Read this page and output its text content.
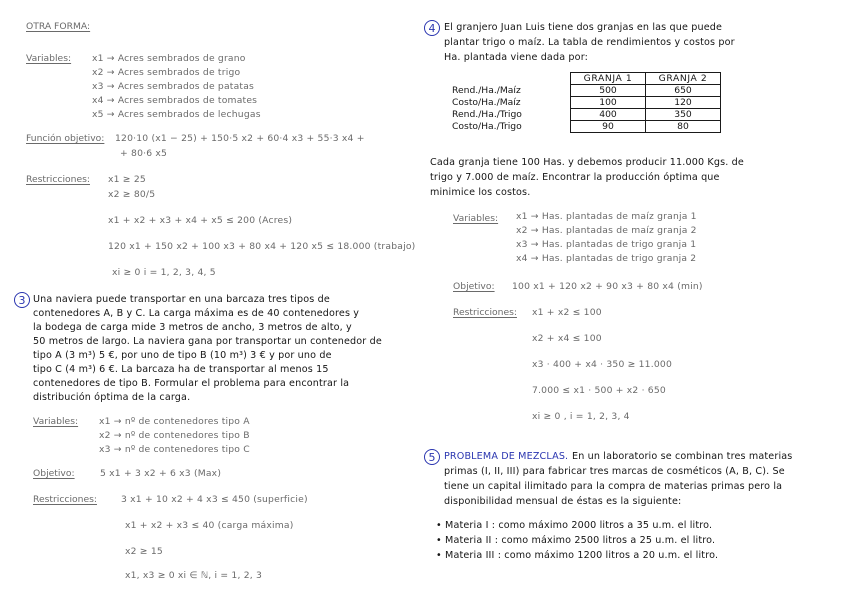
OTRA FORMA:
Variables: x1 → Acres sembrados de grano
x2 → Acres sembrados de trigo
x3 → Acres sembrados de patatas
x4 → Acres sembrados de tomates
x5 → Acres sembrados de lechugas
Función objetivo: 120·10 (x1 − 25) + 150·5 x2 + 60·4 x3 + 55·3 x4 +
+ 80·6 x5
Restricciones: x1 ≥ 25
x2 ≥ 80/5
x1 + x2 + x3 + x4 + x5 ≤ 200 (Acres)
120 x1 + 150 x2 + 100 x3 + 80 x4 + 120 x5 ≤ 18.000 (trabajo)
xi ≥ 0 i = 1, 2, 3, 4, 5
3 Una naviera puede transportar en una barcaza tres tipos de
contenedores A, B y C. La carga máxima es de 40 contenedores y
la bodega de carga mide 3 metros de ancho, 3 metros de alto, y
50 metros de largo. La naviera gana por transportar un contenedor de
tipo A (3 m³) 5 €, por uno de tipo B (10 m³) 3 € y por uno de
tipo C (4 m³) 6 €. La barcaza ha de transportar al menos 15
contenedores de tipo B. Formular el problema para encontrar la
distribución óptima de la carga.
Variables: x1 → nº de contenedores tipo A
x2 → nº de contenedores tipo B
x3 → nº de contenedores tipo C
Objetivo:	5 x1 + 3 x2 + 6 x3 (Max)
Restricciones:	3 x1 + 10 x2 + 4 x3 ≤ 450 (superficie)
x1 + x2 + x3 ≤ 40 (carga máxima)
x2 ≥ 15
x1, x3 ≥ 0 xi ∈ ℕ, i = 1, 2, 3
4 El granjero Juan Luis tiene dos granjas en las que puede
plantar trigo o maíz. La tabla de rendimientos y costos por
Ha. plantada viene dada por:
	GRANJA 1	GRANJA 2
Rend./Ha./Maíz	500	650
Costo/Ha./Maíz	100	120
Rend./Ha./Trigo	400	350
Costo/Ha./Trigo	90	80
Cada granja tiene 100 Has. y debemos producir 11.000 Kgs. de
trigo y 7.000 de maíz. Encontrar la producción óptima que
minimice los costos.
Variables: x1 → Has. plantadas de maíz granja 1
x2 → Has. plantadas de maíz granja 2
x3 → Has. plantadas de trigo granja 1
x4 → Has. plantadas de trigo granja 2
Objetivo: 100 x1 + 120 x2 + 90 x3 + 80 x4 (min)
Restricciones: x1 + x2 ≤ 100
x2 + x4 ≤ 100
x3 · 400 + x4 · 350 ≥ 11.000
7.000 ≤ x1 · 500 + x2 · 650
xi ≥ 0 , i = 1, 2, 3, 4
5 PROBLEMA DE MEZCLAS. En un laboratorio se combinan tres materias
primas (I, II, III) para fabricar tres marcas de cosméticos (A, B, C). Se
tiene un capital ilimitado para la compra de materias primas pero la
disponibilidad mensual de éstas es la siguiente:
• Materia I : como máximo 2000 litros a 35 u.m. el litro.
• Materia II : como máximo 2500 litros a 25 u.m. el litro.
• Materia III : como máximo 1200 litros a 20 u.m. el litro.
